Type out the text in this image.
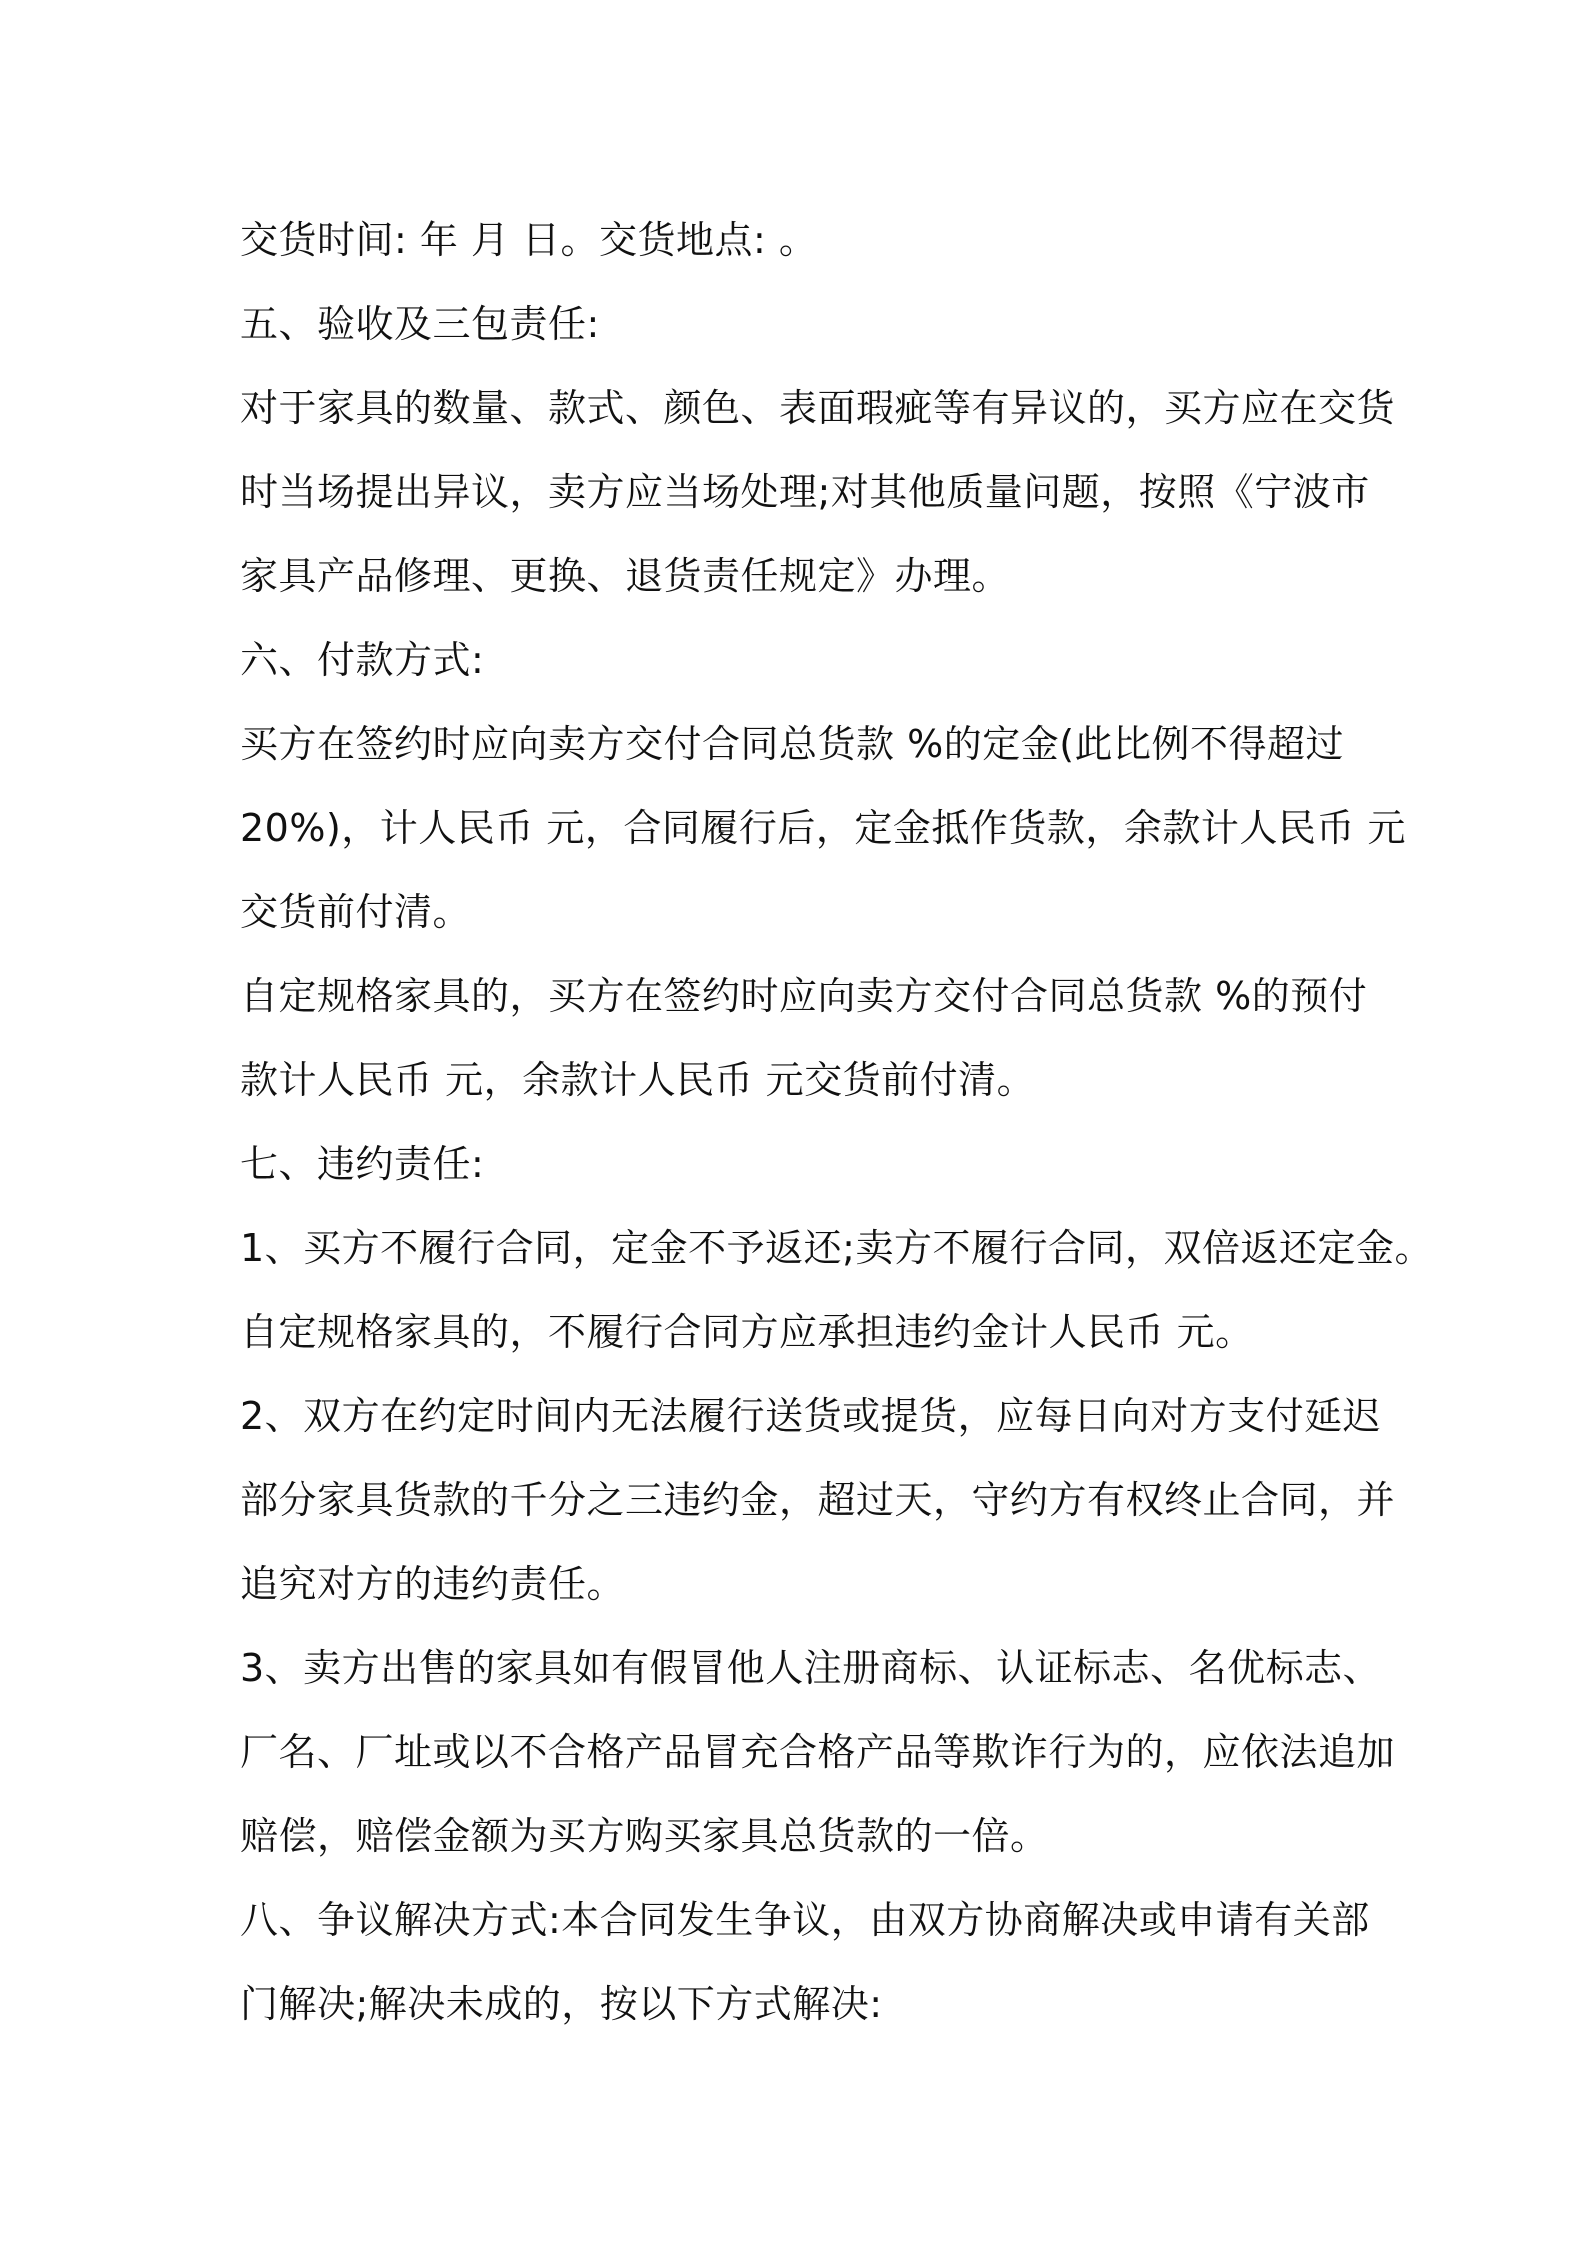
交货时间: 年 月 日。交货地点: 。
五、验收及三包责任:
对于家具的数量、款式、颜色、表面瑕疵等有异议的，买方应在交货
时当场提出异议，卖方应当场处理;对其他质量问题，按照《宁波市
家具产品修理、更换、退货责任规定》办理。
六、付款方式:
买方在签约时应向卖方交付合同总货款 %的定金(此比例不得超过
20%)，计人民币 元，合同履行后，定金抵作货款，余款计人民币 元
交货前付清。
自定规格家具的，买方在签约时应向卖方交付合同总货款 %的预付
款计人民币 元，余款计人民币 元交货前付清。
七、违约责任:
1、买方不履行合同，定金不予返还;卖方不履行合同，双倍返还定金。
自定规格家具的，不履行合同方应承担违约金计人民币 元。
2、双方在约定时间内无法履行送货或提货，应每日向对方支付延迟
部分家具货款的千分之三违约金，超过天，守约方有权终止合同，并
追究对方的违约责任。
3、卖方出售的家具如有假冒他人注册商标、认证标志、名优标志、
厂名、厂址或以不合格产品冒充合格产品等欺诈行为的，应依法追加
赔偿，赔偿金额为买方购买家具总货款的一倍。
八、争议解决方式:本合同发生争议，由双方协商解决或申请有关部
门解决;解决未成的，按以下方式解决:
